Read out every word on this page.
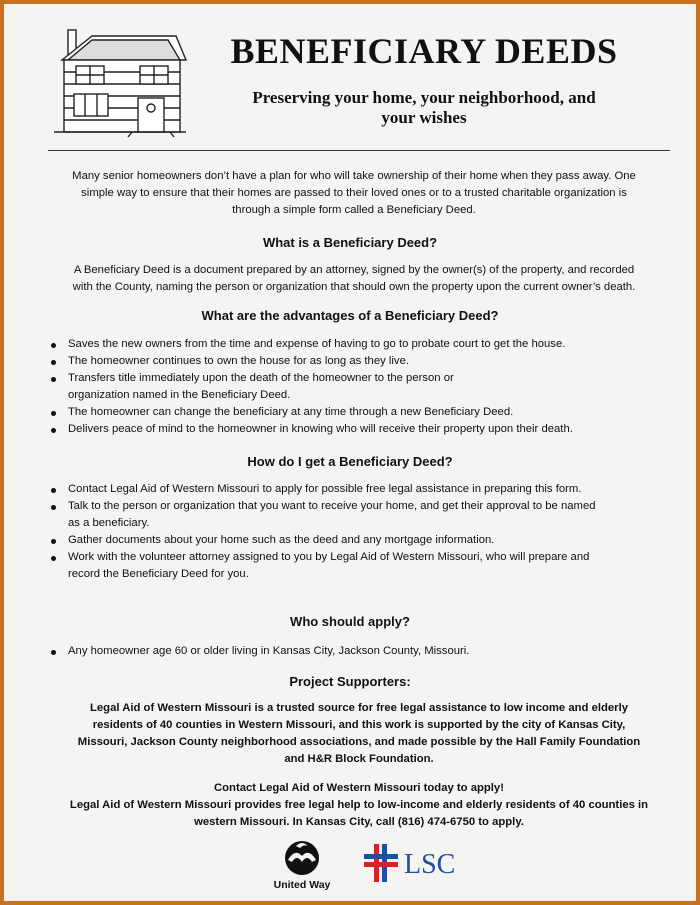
BENEFICIARY DEEDS
Preserving your home, your neighborhood, and
your wishes
Many senior homeowners don’t have a plan for who will take ownership of their home when they pass away. One
simple way to ensure that their homes are passed to their loved ones or to a trusted charitable organization is
through a simple form called a Beneficiary Deed.
What is a Beneficiary Deed?
A Beneficiary Deed is a document prepared by an attorney, signed by the owner(s) of the property, and recorded
with the County, naming the person or organization that should own the property upon the current owner’s death.
What are the advantages of a Beneficiary Deed?
Saves the new owners from the time and expense of having to go to probate court to get the house.
The homeowner continues to own the house for as long as they live.
Transfers title immediately upon the death of the homeowner to the person or
organization named in the Beneficiary Deed.
The homeowner can change the beneficiary at any time through a new Beneficiary Deed.
Delivers peace of mind to the homeowner in knowing who will receive their property upon their death.
How do I get a Beneficiary Deed?
Contact Legal Aid of Western Missouri to apply for possible free legal assistance in preparing this form.
Talk to the person or organization that you want to receive your home, and get their approval to be named
as a beneficiary.
Gather documents about your home such as the deed and any mortgage information.
Work with the volunteer attorney assigned to you by Legal Aid of Western Missouri, who will prepare and
record the Beneficiary Deed for you.
Who should apply?
Any homeowner age 60 or older living in Kansas City, Jackson County, Missouri.
Project Supporters:
Legal Aid of Western Missouri is a trusted source for free legal assistance to low income and elderly
residents of 40 counties in Western Missouri, and this work is supported by the city of Kansas City,
Missouri, Jackson County neighborhood associations, and made possible by the Hall Family Foundation
and H&R Block Foundation.
Contact Legal Aid of Western Missouri today to apply!
Legal Aid of Western Missouri provides free legal help to low-income and elderly residents of 40 counties in
western Missouri. In Kansas City, call (816) 474-6750 to apply.
United Way
LSC
